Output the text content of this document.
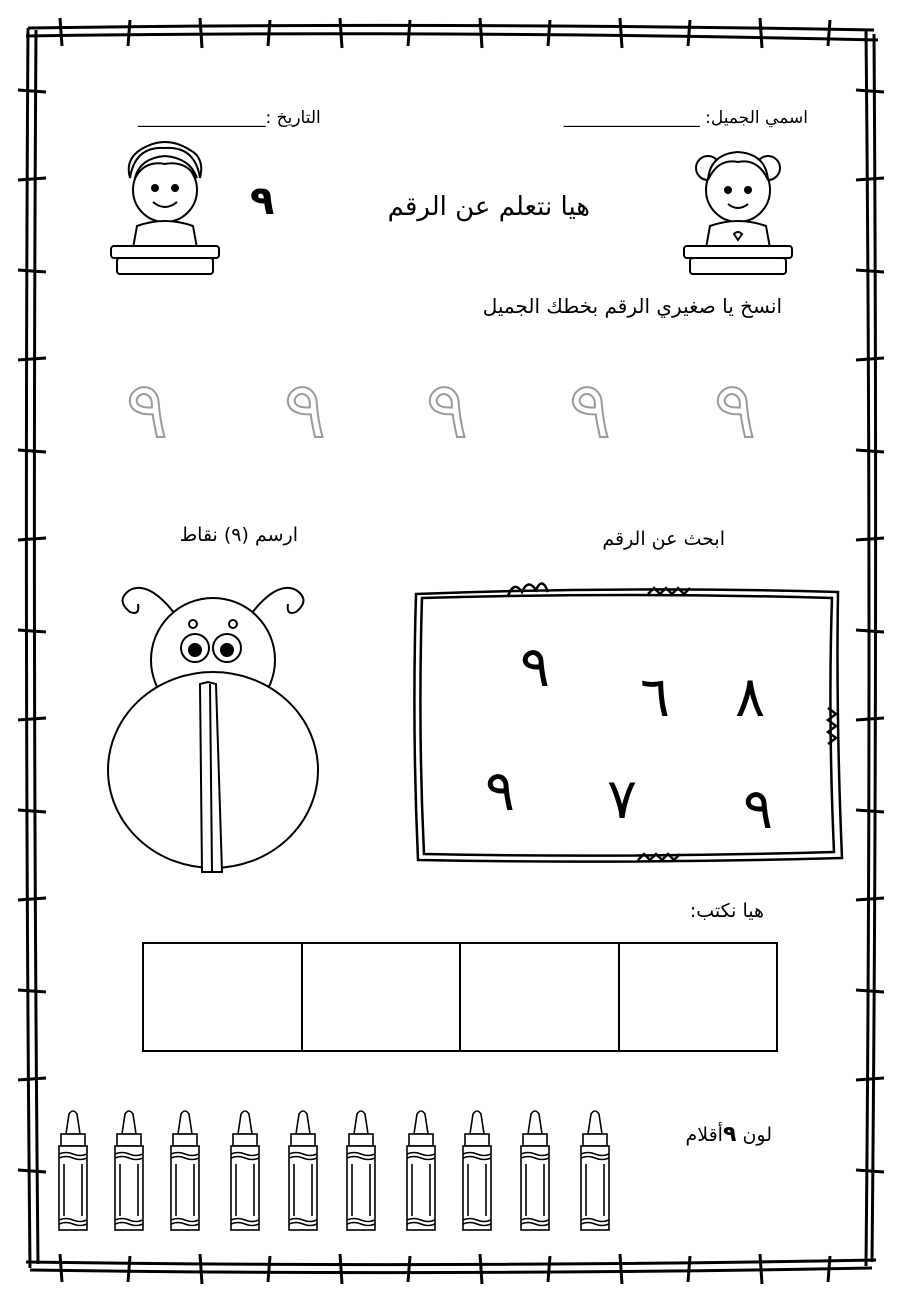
اسمي الجميل: ________________
التاريخ :_______________
هيا نتعلم عن الرقم
٩
انسخ يا صغيري الرقم بخطك الجميل
٩ ٩ ٩ ٩ ٩
ارسم (٩) نقاط	ابحث عن الرقم
٨
٦
٩
٩ ٧ ٩
هيا نكتب:
لون ٩أقلام
